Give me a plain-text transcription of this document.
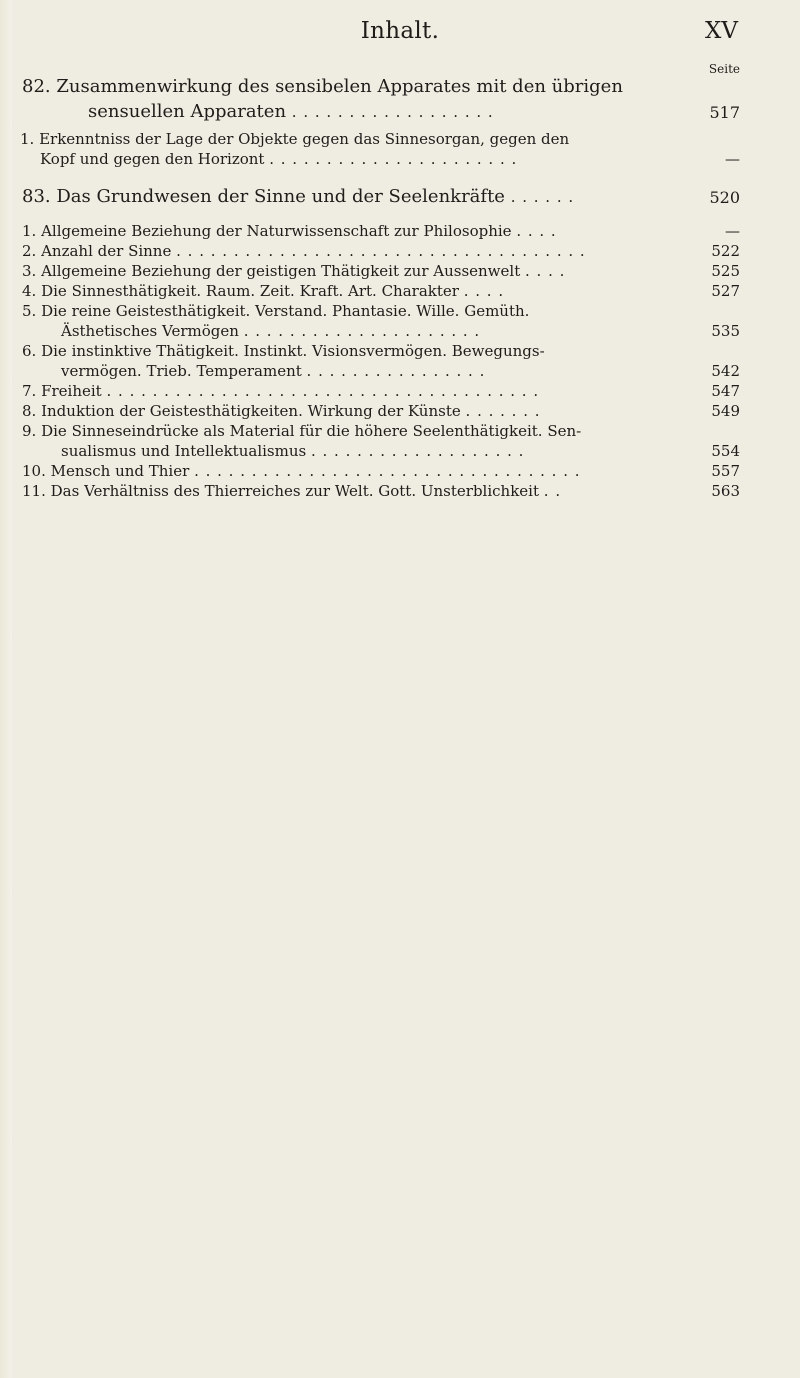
Inhalt.	XV
Seite
82. Zusammenwirkung des sensibelen Apparates mit den übrigen
sensuellen Apparaten . . . . . . . . . . . . . . . . . .	517
1. Erkenntniss der Lage der Objekte gegen das Sinnesorgan, gegen den
Kopf und gegen den Horizont . . . . . . . . . . . . . . . . . . . . . .	—
83. Das Grundwesen der Sinne und der Seelenkräfte . . . . . .	520
1. Allgemeine Beziehung der Naturwissenschaft zur Philosophie . . . .	—
2. Anzahl der Sinne . . . . . . . . . . . . . . . . . . . . . . . . . . . . . . . . . . . .	522
3. Allgemeine Beziehung der geistigen Thätigkeit zur Aussenwelt . . . .	525
4. Die Sinnesthätigkeit. Raum. Zeit. Kraft. Art. Charakter . . . .	527
5. Die reine Geistesthätigkeit. Verstand. Phantasie. Wille. Gemüth.
Ästhetisches Vermögen . . . . . . . . . . . . . . . . . . . . .	535
6. Die instinktive Thätigkeit. Instinkt. Visionsvermögen. Bewegungs-
vermögen. Trieb. Temperament . . . . . . . . . . . . . . . .	542
7. Freiheit . . . . . . . . . . . . . . . . . . . . . . . . . . . . . . . . . . . . . .	547
8. Induktion der Geistesthätigkeiten. Wirkung der Künste . . . . . . .	549
9. Die Sinneseindrücke als Material für die höhere Seelenthätigkeit. Sen-
sualismus und Intellektualismus . . . . . . . . . . . . . . . . . . .	554
10. Mensch und Thier . . . . . . . . . . . . . . . . . . . . . . . . . . . . . . . . . .	557
11. Das Verhältniss des Thierreiches zur Welt. Gott. Unsterblichkeit . .	563
